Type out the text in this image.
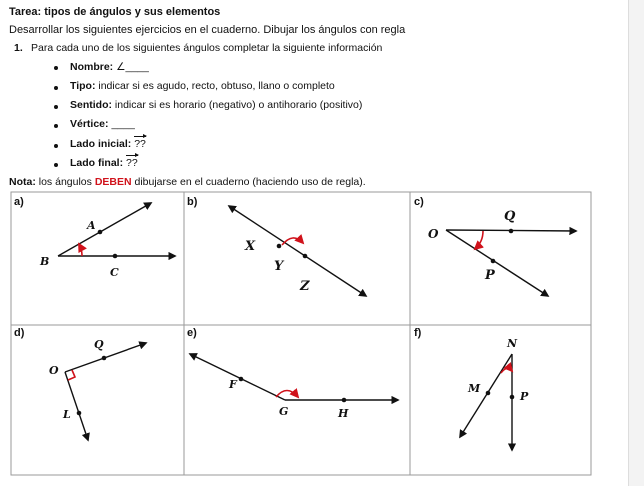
Tarea: tipos de ángulos y sus elementos
Desarrollar los siguientes ejercicios en el cuaderno. Dibujar los ángulos con regla
1. Para cada uno de los siguientes ángulos completar la siguiente información
Nombre: ∠____
Tipo: indicar si es agudo, recto, obtuso, llano o completo
Sentido: indicar si es horario (negativo) o antihorario (positivo)
Vértice: ____
Lado inicial: ??
Lado final: ??
Nota: los ángulos DEBEN dibujarse en el cuaderno (haciendo uso de regla).
a)	b)	c)
d)	e)	f)
A
B
C
X
Y
Z
Q
O
P
Q
O
L
F
G	H
N
M
P
